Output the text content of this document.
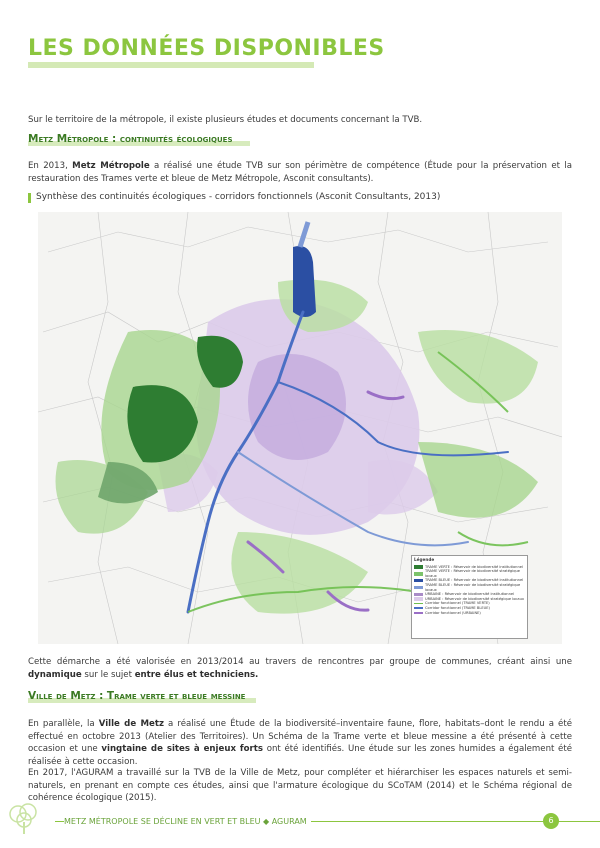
LES DONNÉES DISPONIBLES
Sur le territoire de la métropole, il existe plusieurs études et documents concernant la TVB.
Metz Métropole : continuités écologiques
En 2013, Metz Métropole a réalisé une étude TVB sur son périmètre de compétence (Étude pour la préservation et la restauration des Trames verte et bleue de Metz Métropole, Asconit consultants).
Synthèse des continuités écologiques - corridors fonctionnels (Asconit Consultants, 2013)
Légende
TRAME VERTE : Réservoir de biodiversité institutionnel
TRAME VERTE : Réservoir de biodiversité stratégique locaux
TRAME BLEUE : Réservoir de biodiversité institutionnel
TRAME BLEUE : Réservoir de biodiversité stratégique locaux
URBAINE : Réservoir de biodiversité institutionnel
URBAINE : Réservoir de biodiversité stratégique locaux
Corridor fonctionnel (TRAME VERTE)
Corridor fonctionnel (TRAME BLEUE)
Corridor fonctionnel (URBAINE)
Cette démarche a été valorisée en 2013/2014 au travers de rencontres par groupe de communes, créant ainsi une dynamique sur le sujet entre élus et techniciens.
Ville de Metz : Trame verte et bleue messine
En parallèle, la Ville de Metz a réalisé une Étude de la biodiversité–inventaire faune, flore, habitats–dont le rendu a été effectué en octobre 2013 (Atelier des Territoires). Un Schéma de la Trame verte et bleue messine a été présenté à cette occasion et une vingtaine de sites à enjeux forts ont été identifiés. Une étude sur les zones humides a également été réalisée à cette occasion.
En 2017, l'AGURAM a travaillé sur la TVB de la Ville de Metz, pour compléter et hiérarchiser les espaces naturels et semi-naturels, en prenant en compte ces études, ainsi que l'armature écologique du SCoTAM (2014) et le Schéma régional de cohérence écologique (2015).
METZ MÉTROPOLE SE DÉCLINE EN VERT ET BLEU ◆ AGURAM	6
